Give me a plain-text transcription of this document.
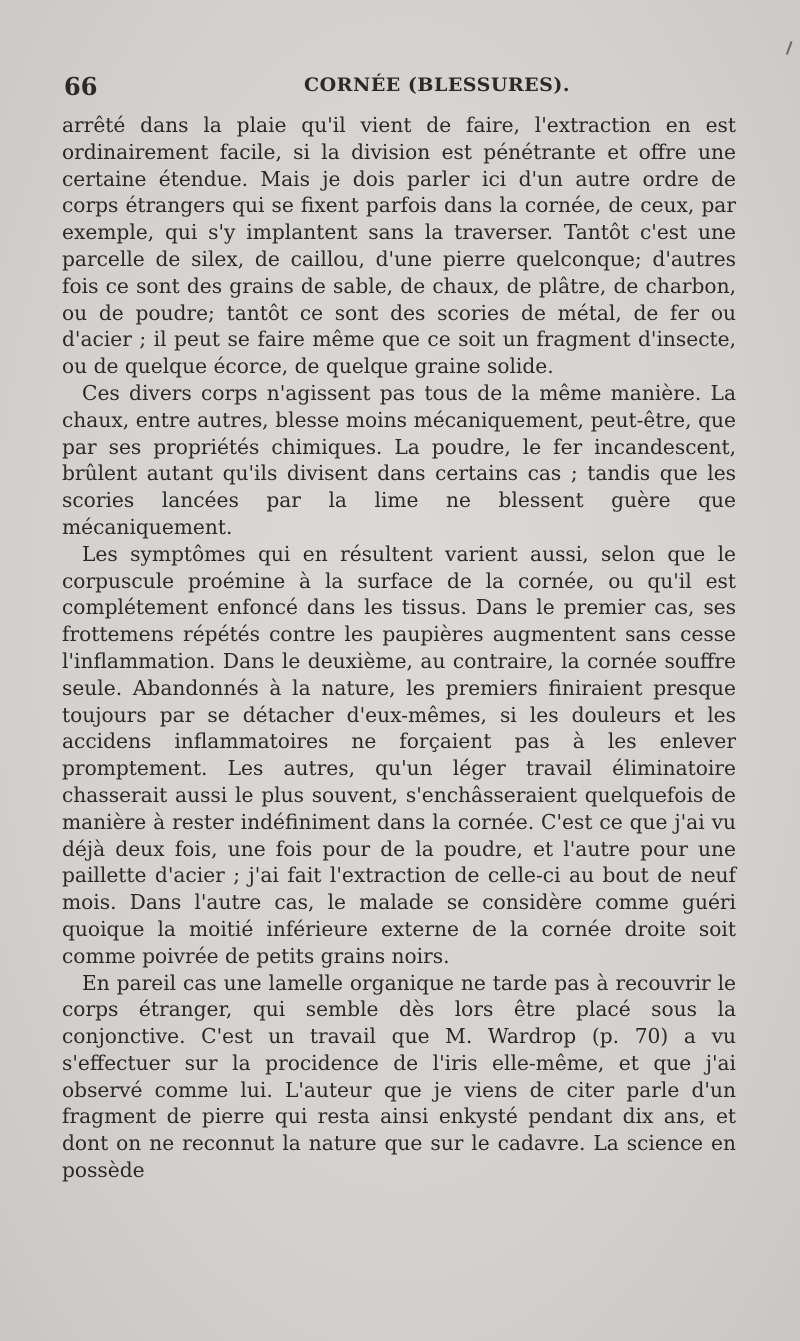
66	CORNÉE (BLESSURES).

arrêté dans la plaie qu'il vient de faire, l'extraction en est ordinairement facile, si la division est pénétrante et offre une certaine étendue. Mais je dois parler ici d'un autre ordre de corps étrangers qui se fixent parfois dans la cornée, de ceux, par exemple, qui s'y implantent sans la traverser. Tantôt c'est une parcelle de silex, de caillou, d'une pierre quelconque; d'autres fois ce sont des grains de sable, de chaux, de plâtre, de charbon, ou de poudre; tantôt ce sont des scories de métal, de fer ou d'acier ; il peut se faire même que ce soit un fragment d'insecte, ou de quelque écorce, de quelque graine solide.

Ces divers corps n'agissent pas tous de la même manière. La chaux, entre autres, blesse moins mécaniquement, peut-être, que par ses propriétés chimiques. La poudre, le fer incandescent, brûlent autant qu'ils divisent dans certains cas ; tandis que les scories lancées par la lime ne blessent guère que mécaniquement.

Les symptômes qui en résultent varient aussi, selon que le corpuscule proémine à la surface de la cornée, ou qu'il est complétement enfoncé dans les tissus. Dans le premier cas, ses frottemens répétés contre les paupières augmentent sans cesse l'inflammation. Dans le deuxième, au contraire, la cornée souffre seule. Abandonnés à la nature, les premiers finiraient presque toujours par se détacher d'eux-mêmes, si les douleurs et les accidens inflammatoires ne forçaient pas à les enlever promptement. Les autres, qu'un léger travail éliminatoire chasserait aussi le plus souvent, s'enchâsseraient quelquefois de manière à rester indéfiniment dans la cornée. C'est ce que j'ai vu déjà deux fois, une fois pour de la poudre, et l'autre pour une paillette d'acier ; j'ai fait l'extraction de celle-ci au bout de neuf mois. Dans l'autre cas, le malade se considère comme guéri quoique la moitié inférieure externe de la cornée droite soit comme poivrée de petits grains noirs.

En pareil cas une lamelle organique ne tarde pas à recouvrir le corps étranger, qui semble dès lors être placé sous la conjonctive. C'est un travail que M. Wardrop (p. 70) a vu s'effectuer sur la procidence de l'iris elle-même, et que j'ai observé comme lui. L'auteur que je viens de citer parle d'un fragment de pierre qui resta ainsi enkysté pendant dix ans, et dont on ne reconnut la nature que sur le cadavre. La science en possède
